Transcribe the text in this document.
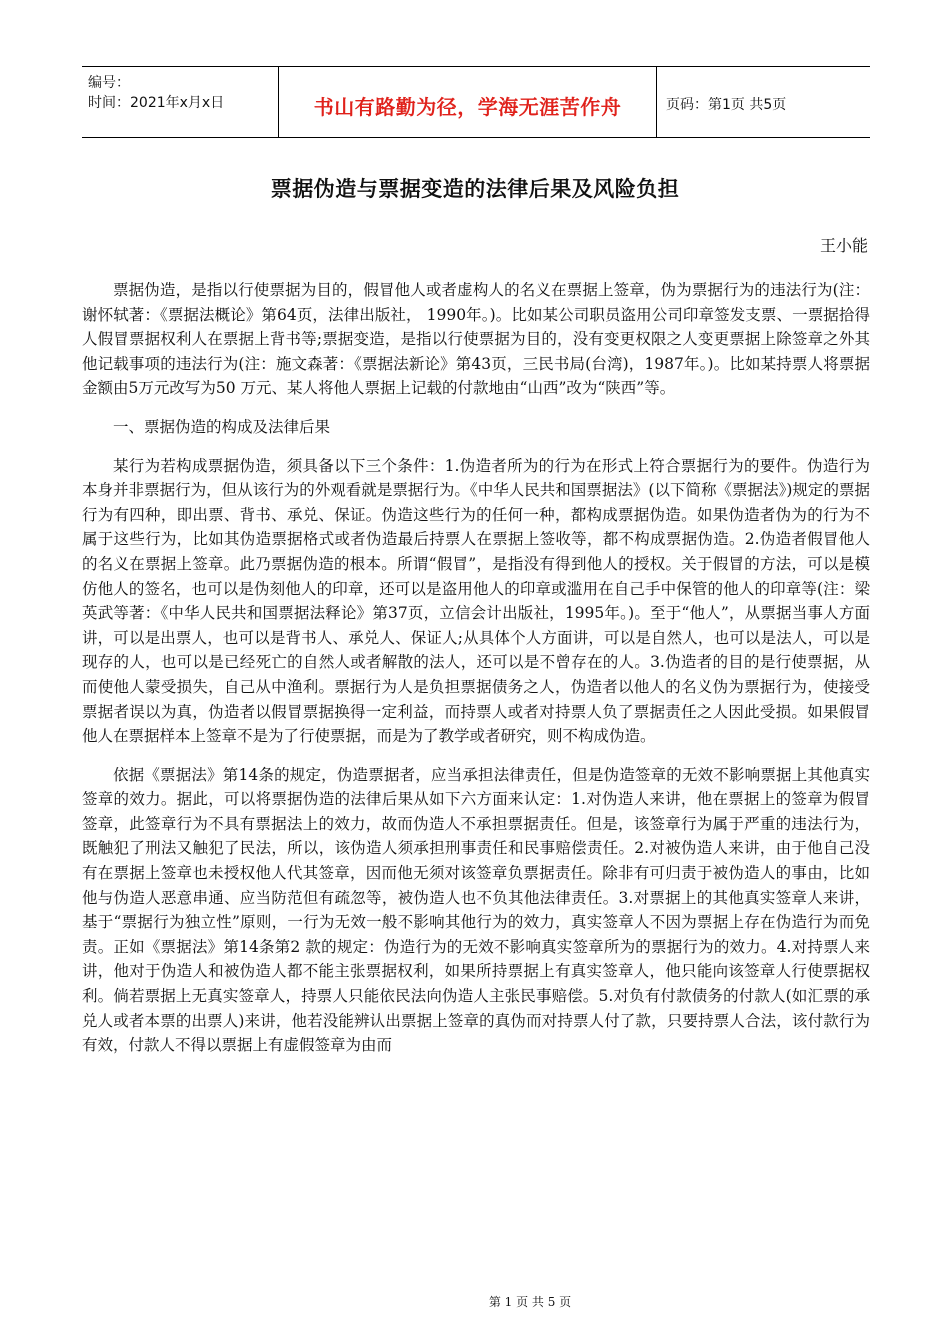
编号：
时间：2021年x月x日	书山有路勤为径，学海无涯苦作舟	页码：第1页 共5页
票据伪造与票据变造的法律后果及风险负担
王小能

票据伪造，是指以行使票据为目的，假冒他人或者虚构人的名义在票据上签章，伪为票据行为的违法行为(注：谢怀轼著：《票据法概论》第64页，法律出版社， 1990年。)。比如某公司职员盗用公司印章签发支票、一票据拾得人假冒票据权利人在票据上背书等;票据变造，是指以行使票据为目的，没有变更权限之人变更票据上除签章之外其他记载事项的违法行为(注：施文森著：《票据法新论》第43页，三民书局(台湾)，1987年。)。比如某持票人将票据金额由5万元改写为50 万元、某人将他人票据上记载的付款地由“山西”改为“陕西”等。

一、票据伪造的构成及法律后果

某行为若构成票据伪造，须具备以下三个条件：1.伪造者所为的行为在形式上符合票据行为的要件。伪造行为本身并非票据行为，但从该行为的外观看就是票据行为。《中华人民共和国票据法》(以下简称《票据法》)规定的票据行为有四种，即出票、背书、承兑、保证。伪造这些行为的任何一种，都构成票据伪造。如果伪造者伪为的行为不属于这些行为，比如其伪造票据格式或者伪造最后持票人在票据上签收等，都不构成票据伪造。2.伪造者假冒他人的名义在票据上签章。此乃票据伪造的根本。所谓“假冒”，是指没有得到他人的授权。关于假冒的方法，可以是模仿他人的签名，也可以是伪刻他人的印章，还可以是盗用他人的印章或滥用在自己手中保管的他人的印章等(注：梁英武等著：《中华人民共和国票据法释论》第37页，立信会计出版社，1995年。)。至于“他人”，从票据当事人方面讲，可以是出票人，也可以是背书人、承兑人、保证人;从具体个人方面讲，可以是自然人，也可以是法人，可以是现存的人，也可以是已经死亡的自然人或者解散的法人，还可以是不曾存在的人。3.伪造者的目的是行使票据，从而使他人蒙受损失，自己从中渔利。票据行为人是负担票据债务之人，伪造者以他人的名义伪为票据行为，使接受票据者误以为真，伪造者以假冒票据换得一定利益，而持票人或者对持票人负了票据责任之人因此受损。如果假冒他人在票据样本上签章不是为了行使票据，而是为了教学或者研究，则不构成伪造。

依据《票据法》第14条的规定，伪造票据者，应当承担法律责任，但是伪造签章的无效不影响票据上其他真实签章的效力。据此，可以将票据伪造的法律后果从如下六方面来认定：1.对伪造人来讲，他在票据上的签章为假冒签章，此签章行为不具有票据法上的效力，故而伪造人不承担票据责任。但是，该签章行为属于严重的违法行为，既触犯了刑法又触犯了民法，所以，该伪造人须承担刑事责任和民事赔偿责任。2.对被伪造人来讲，由于他自己没有在票据上签章也未授权他人代其签章，因而他无须对该签章负票据责任。除非有可归责于被伪造人的事由，比如他与伪造人恶意串通、应当防范但有疏忽等，被伪造人也不负其他法律责任。3.对票据上的其他真实签章人来讲，基于“票据行为独立性”原则，一行为无效一般不影响其他行为的效力，真实签章人不因为票据上存在伪造行为而免责。正如《票据法》第14条第2 款的规定：伪造行为的无效不影响真实签章所为的票据行为的效力。4.对持票人来讲，他对于伪造人和被伪造人都不能主张票据权利，如果所持票据上有真实签章人，他只能向该签章人行使票据权利。倘若票据上无真实签章人，持票人只能依民法向伪造人主张民事赔偿。5.对负有付款债务的付款人(如汇票的承兑人或者本票的出票人)来讲，他若没能辨认出票据上签章的真伪而对持票人付了款，只要持票人合法，该付款行为有效，付款人不得以票据上有虚假签章为由而

第 1 页 共 5 页
